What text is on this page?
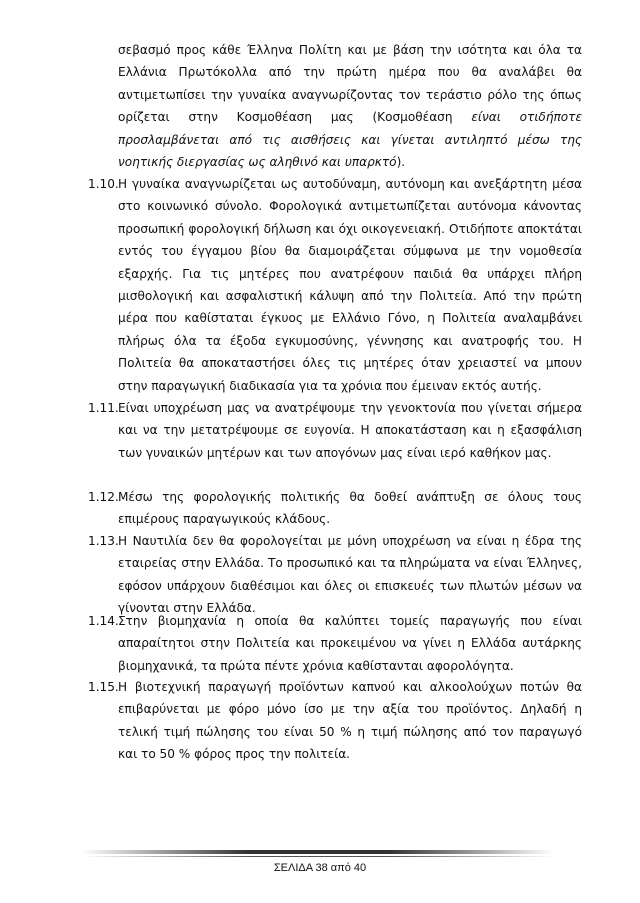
σεβασμό προς κάθε Έλληνα Πολίτη και με βάση την ισότητα και όλα τα Ελλάνια Πρωτόκολλα από την πρώτη ημέρα που θα αναλάβει θα αντιμετωπίσει την γυναίκα αναγνωρίζοντας τον τεράστιο ρόλο της όπως ορίζεται στην Κοσμοθέαση μας (Κοσμοθέαση είναι οτιδήποτε προσλαμβάνεται από τις αισθήσεις και γίνεται αντιληπτό μέσω της νοητικής διεργασίας ως αληθινό και υπαρκτό).
1.10. Η γυναίκα αναγνωρίζεται ως αυτοδύναμη, αυτόνομη και ανεξάρτητη μέσα στο κοινωνικό σύνολο. Φορολογικά αντιμετωπίζεται αυτόνομα κάνοντας προσωπική φορολογική δήλωση και όχι οικογενειακή. Οτιδήποτε αποκτάται εντός του έγγαμου βίου θα διαμοιράζεται σύμφωνα με την νομοθεσία εξαρχής. Για τις μητέρες που ανατρέφουν παιδιά θα υπάρχει πλήρη μισθολογική και ασφαλιστική κάλυψη από την Πολιτεία. Από την πρώτη μέρα που καθίσταται έγκυος με Ελλάνιο Γόνο, η Πολιτεία αναλαμβάνει πλήρως όλα τα έξοδα εγκυμοσύνης, γέννησης και ανατροφής του. Η Πολιτεία θα αποκαταστήσει όλες τις μητέρες όταν χρειαστεί να μπουν στην παραγωγική διαδικασία για τα χρόνια που έμειναν εκτός αυτής.
1.11. Είναι υποχρέωση μας να ανατρέψουμε την γενοκτονία που γίνεται σήμερα και να την μετατρέψουμε σε ευγονία. Η αποκατάσταση και η εξασφάλιση των γυναικών μητέρων και των απογόνων μας είναι ιερό καθήκον μας.
1.12. Μέσω της φορολογικής πολιτικής θα δοθεί ανάπτυξη σε όλους τους επιμέρους παραγωγικούς κλάδους.
1.13. Η Ναυτιλία δεν θα φορολογείται με μόνη υποχρέωση να είναι η έδρα της εταιρείας στην Ελλάδα. Το προσωπικό και τα πληρώματα να είναι Έλληνες, εφόσον υπάρχουν διαθέσιμοι και όλες οι επισκευές των πλωτών μέσων να γίνονται στην Ελλάδα.
1.14. Στην βιομηχανία η οποία θα καλύπτει τομείς παραγωγής που είναι απαραίτητοι στην Πολιτεία και προκειμένου να γίνει η Ελλάδα αυτάρκης βιομηχανικά, τα πρώτα πέντε χρόνια καθίστανται αφορολόγητα.
1.15. Η βιοτεχνική παραγωγή προϊόντων καπνού και αλκοολούχων ποτών θα επιβαρύνεται με φόρο μόνο ίσο με την αξία του προϊόντος. Δηλαδή η τελική τιμή πώλησης του είναι 50 % η τιμή πώλησης από τον παραγωγό και το 50 % φόρος προς την πολιτεία.
ΣΕΛΙΔΑ 38 από 40
